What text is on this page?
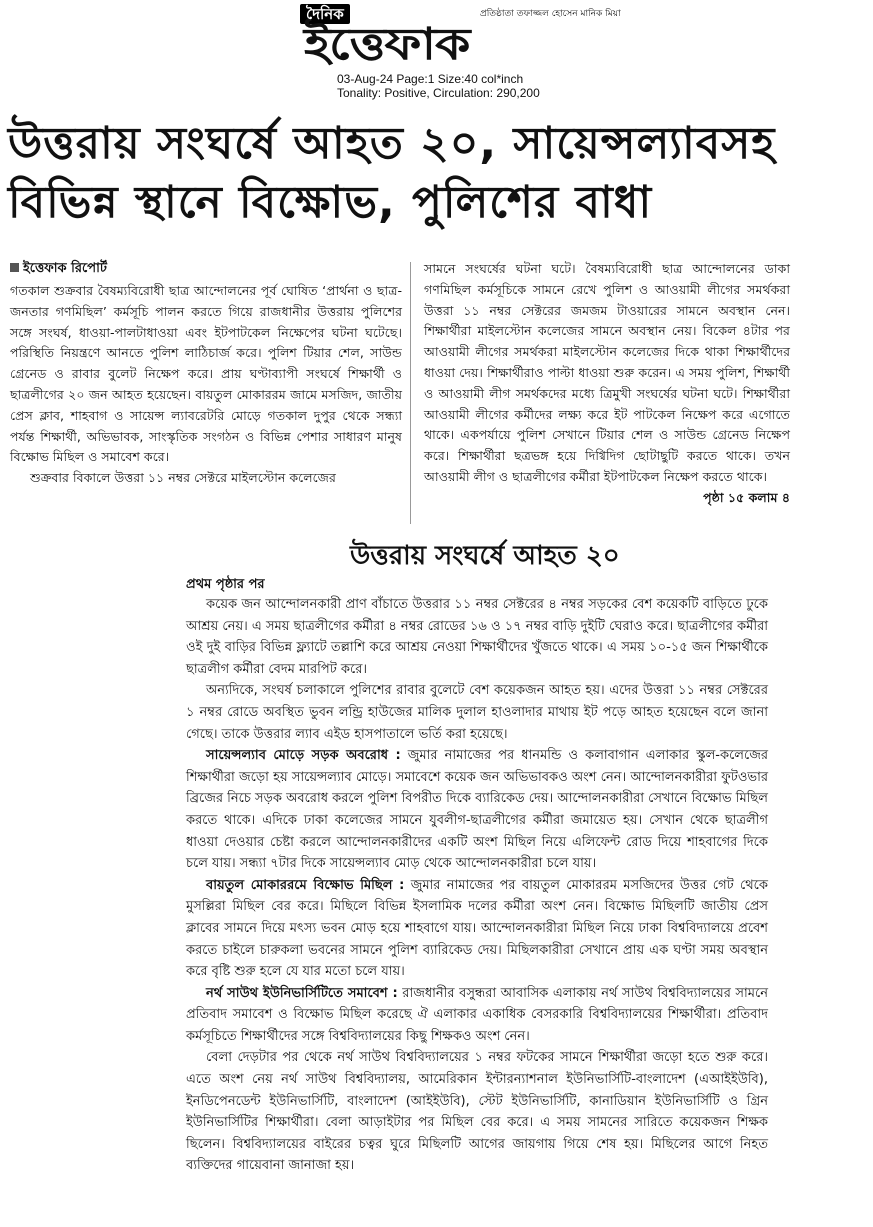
দৈনিক	প্রতিষ্ঠাতা তফাজ্জল হোসেন মানিক মিয়া
ইত্তেফাক
03-Aug-24 Page:1 Size:40 col*inch
Tonality: Positive, Circulation: 290,200
উত্তরায় সংঘর্ষে আহত ২০, সায়েন্সল্যাবসহ
বিভিন্ন স্থানে বিক্ষোভ, পুলিশের বাধা
ইত্তেফাক রিপোর্ট

গতকাল শুক্রবার বৈষম্যবিরোধী ছাত্র আন্দোলনের পূর্ব ঘোষিত ‘প্রার্থনা ও ছাত্র-জনতার গণমিছিল’ কর্মসূচি পালন করতে গিয়ে রাজধানীর উত্তরায় পুলিশের সঙ্গে সংঘর্ষ, ধাওয়া-পালটাধাওয়া এবং ইটপাটকেল নিক্ষেপের ঘটনা ঘটেছে। পরিস্থিতি নিয়ন্ত্রণে আনতে পুলিশ লাঠিচার্জ করে। পুলিশ টিয়ার শেল, সাউন্ড গ্রেনেড ও রাবার বুলেট নিক্ষেপ করে। প্রায় ঘণ্টাব্যাপী সংঘর্ষে শিক্ষার্থী ও ছাত্রলীগের ২০ জন আহত হয়েছেন। বায়তুল মোকাররম জামে মসজিদ, জাতীয় প্রেস ক্লাব, শাহবাগ ও সায়েন্স ল্যাবরেটরি মোড়ে গতকাল দুপুর থেকে সন্ধ্যা পর্যন্ত শিক্ষার্থী, অভিভাবক, সাংস্কৃতিক সংগঠন ও বিভিন্ন পেশার সাধারণ মানুষ বিক্ষোভ মিছিল ও সমাবেশ করে।

শুক্রবার বিকালে উত্তরা ১১ নম্বর সেক্টরে মাইলস্টোন কলেজের

সামনে সংঘর্ষের ঘটনা ঘটে। বৈষম্যবিরোধী ছাত্র আন্দোলনের ডাকা গণমিছিল কর্মসূচিকে সামনে রেখে পুলিশ ও আওয়ামী লীগের সমর্থকরা উত্তরা ১১ নম্বর সেক্টরের জমজম টাওয়ারের সামনে অবস্থান নেন। শিক্ষার্থীরা মাইলস্টোন কলেজের সামনে অবস্থান নেয়। বিকেল ৪টার পর আওয়ামী লীগের সমর্থকরা মাইলস্টোন কলেজের দিকে থাকা শিক্ষার্থীদের ধাওয়া দেয়। শিক্ষার্থীরাও পাল্টা ধাওয়া শুরু করেন। এ সময় পুলিশ, শিক্ষার্থী ও আওয়ামী লীগ সমর্থকদের মধ্যে ত্রিমুখী সংঘর্ষের ঘটনা ঘটে। শিক্ষার্থীরা আওয়ামী লীগের কর্মীদের লক্ষ্য করে ইট পাটকেল নিক্ষেপ করে এগোতে থাকে। একপর্যায়ে পুলিশ সেখানে টিয়ার শেল ও সাউন্ড গ্রেনেড নিক্ষেপ করে। শিক্ষার্থীরা ছত্রভঙ্গ হয়ে দিগ্বিদিগ ছোটাছুটি করতে থাকে। তখন আওয়ামী লীগ ও ছাত্রলীগের কর্মীরা ইটপাটকেল নিক্ষেপ করতে থাকে।
পৃষ্ঠা ১৫ কলাম ৪

উত্তরায় সংঘর্ষে আহত ২০
প্রথম পৃষ্ঠার পর

কয়েক জন আন্দোলনকারী প্রাণ বাঁচাতে উত্তরার ১১ নম্বর সেক্টরের ৪ নম্বর সড়কের বেশ কয়েকটি বাড়িতে ঢুকে আশ্রয় নেয়। এ সময় ছাত্রলীগের কর্মীরা ৪ নম্বর রোডের ১৬ ও ১৭ নম্বর বাড়ি দুইটি ঘেরাও করে। ছাত্রলীগের কর্মীরা ওই দুই বাড়ির বিভিন্ন ফ্ল্যাটে তল্লাশি করে আশ্রয় নেওয়া শিক্ষার্থীদের খুঁজতে থাকে। এ সময় ১০-১৫ জন শিক্ষার্থীকে ছাত্রলীগ কর্মীরা বেদম মারপিট করে।

অন্যদিকে, সংঘর্ষ চলাকালে পুলিশের রাবার বুলেটে বেশ কয়েকজন আহত হয়। এদের উত্তরা ১১ নম্বর সেক্টরের ১ নম্বর রোডে অবস্থিত ভুবন লন্ড্রি হাউজের মালিক দুলাল হাওলাদার মাথায় ইট পড়ে আহত হয়েছেন বলে জানা গেছে। তাকে উত্তরার ল্যাব এইড হাসপাতালে ভর্তি করা হয়েছে।

সায়েন্সল্যাব মোড়ে সড়ক অবরোধ : জুমার নামাজের পর ধানমন্ডি ও কলাবাগান এলাকার স্কুল-কলেজের শিক্ষার্থীরা জড়ো হয় সায়েন্সল্যাব মোড়ে। সমাবেশে কয়েক জন অভিভাবকও অংশ নেন। আন্দোলনকারীরা ফুটওভার ব্রিজের নিচে সড়ক অবরোধ করলে পুলিশ বিপরীত দিকে ব্যারিকেড দেয়। আন্দোলনকারীরা সেখানে বিক্ষোভ মিছিল করতে থাকে। এদিকে ঢাকা কলেজের সামনে যুবলীগ-ছাত্রলীগের কর্মীরা জমায়েত হয়। সেখান থেকে ছাত্রলীগ ধাওয়া দেওয়ার চেষ্টা করলে আন্দোলনকারীদের একটি অংশ মিছিল নিয়ে এলিফেন্ট রোড দিয়ে শাহবাগের দিকে চলে যায়। সন্ধ্যা ৭টার দিকে সায়েন্সল্যাব মোড় থেকে আন্দোলনকারীরা চলে যায়।

বায়তুল মোকাররমে বিক্ষোভ মিছিল : জুমার নামাজের পর বায়তুল মোকাররম মসজিদের উত্তর গেট থেকে মুসল্লিরা মিছিল বের করে। মিছিলে বিভিন্ন ইসলামিক দলের কর্মীরা অংশ নেন। বিক্ষোভ মিছিলটি জাতীয় প্রেস ক্লাবের সামনে দিয়ে মৎস্য ভবন মোড় হয়ে শাহবাগে যায়। আন্দোলনকারীরা মিছিল নিয়ে ঢাকা বিশ্ববিদ্যালয়ে প্রবেশ করতে চাইলে চারুকলা ভবনের সামনে পুলিশ ব্যারিকেড দেয়। মিছিলকারীরা সেখানে প্রায় এক ঘণ্টা সময় অবস্থান করে বৃষ্টি শুরু হলে যে যার মতো চলে যায়।

নর্থ সাউথ ইউনিভার্সিটিতে সমাবেশ : রাজধানীর বসুন্ধরা আবাসিক এলাকায় নর্থ সাউথ বিশ্ববিদ্যালয়ের সামনে প্রতিবাদ সমাবেশ ও বিক্ষোভ মিছিল করেছে ঐ এলাকার একাধিক বেসরকারি বিশ্ববিদ্যালয়ের শিক্ষার্থীরা। প্রতিবাদ কর্মসূচিতে শিক্ষার্থীদের সঙ্গে বিশ্ববিদ্যালয়ের কিছু শিক্ষকও অংশ নেন।

বেলা দেড়টার পর থেকে নর্থ সাউথ বিশ্ববিদ্যালয়ের ১ নম্বর ফটকের সামনে শিক্ষার্থীরা জড়ো হতে শুরু করে। এতে অংশ নেয় নর্থ সাউথ বিশ্ববিদ্যালয়, আমেরিকান ইন্টারন্যাশনাল ইউনিভার্সিটি-বাংলাদেশ (এআইইউবি), ইনডিপেনডেন্ট ইউনিভার্সিটি, বাংলাদেশ (আইইউবি), স্টেট ইউনিভার্সিটি, কানাডিয়ান ইউনিভার্সিটি ও গ্রিন ইউনিভার্সিটির শিক্ষার্থীরা। বেলা আড়াইটার পর মিছিল বের করে। এ সময় সামনের সারিতে কয়েকজন শিক্ষক ছিলেন। বিশ্ববিদ্যালয়ের বাইরের চত্বর ঘুরে মিছিলটি আগের জায়গায় গিয়ে শেষ হয়। মিছিলের আগে নিহত ব্যক্তিদের গায়েবানা জানাজা হয়।
